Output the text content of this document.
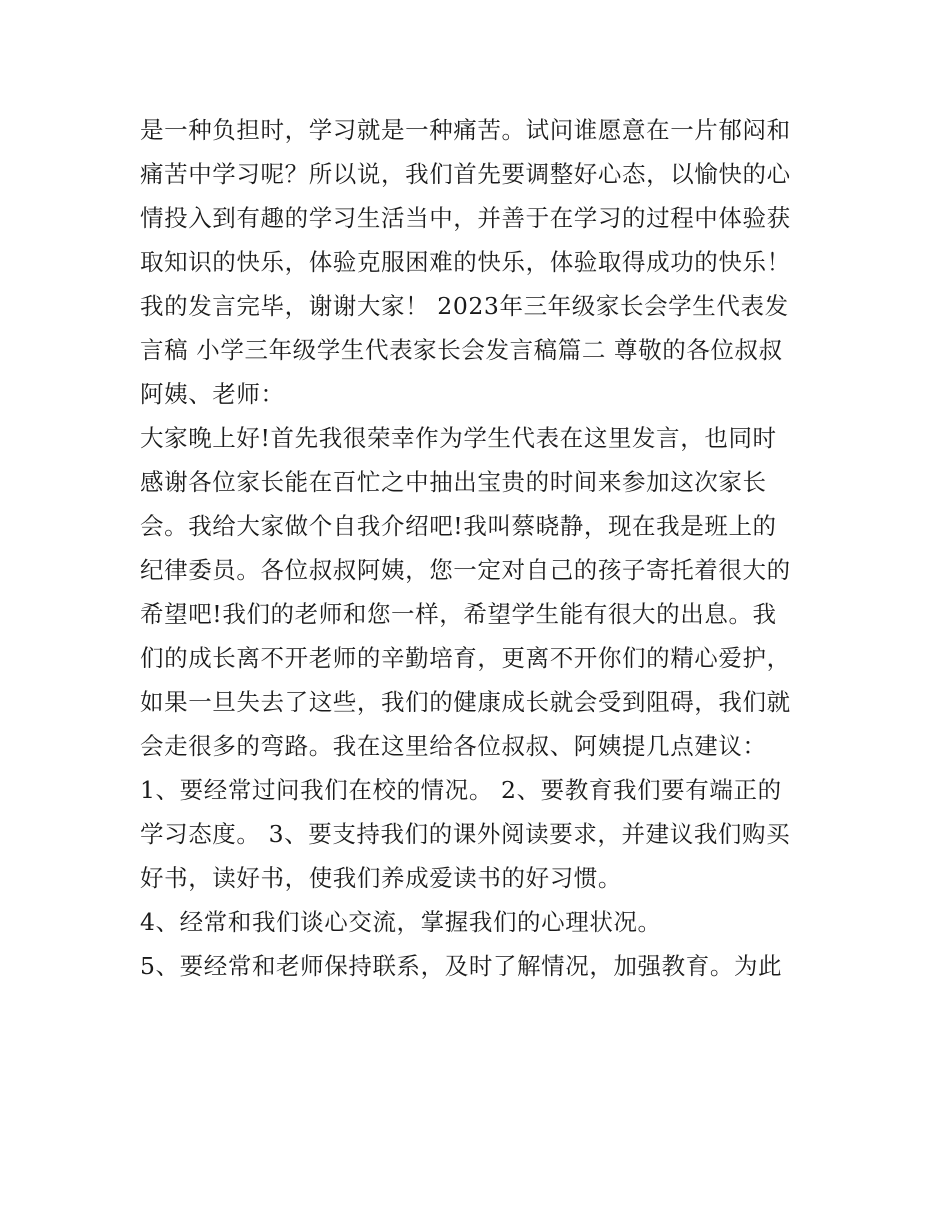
是一种负担时，学习就是一种痛苦。试问谁愿意在一片郁闷和
痛苦中学习呢？所以说，我们首先要调整好心态，以愉快的心
情投入到有趣的学习生活当中，并善于在学习的过程中体验获
取知识的快乐，体验克服困难的快乐，体验取得成功的快乐！
我的发言完毕，谢谢大家！ 2023年三年级家长会学生代表发
言稿 小学三年级学生代表家长会发言稿篇二 尊敬的各位叔叔
阿姨、老师：
大家晚上好!首先我很荣幸作为学生代表在这里发言，也同时
感谢各位家长能在百忙之中抽出宝贵的时间来参加这次家长
会。我给大家做个自我介绍吧!我叫蔡晓静，现在我是班上的
纪律委员。各位叔叔阿姨，您一定对自己的孩子寄托着很大的
希望吧!我们的老师和您一样，希望学生能有很大的出息。我
们的成长离不开老师的辛勤培育，更离不开你们的精心爱护，
如果一旦失去了这些，我们的健康成长就会受到阻碍，我们就
会走很多的弯路。我在这里给各位叔叔、阿姨提几点建议：
1、要经常过问我们在校的情况。 2、要教育我们要有端正的
学习态度。 3、要支持我们的课外阅读要求，并建议我们购买
好书，读好书，使我们养成爱读书的好习惯。
4、经常和我们谈心交流，掌握我们的心理状况。
5、要经常和老师保持联系，及时了解情况，加强教育。为此
